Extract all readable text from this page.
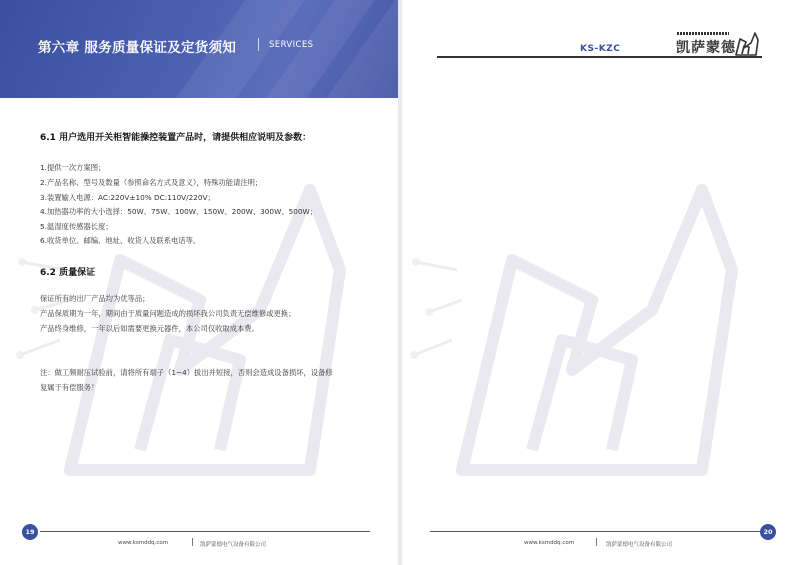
第六章 服务质量保证及定货须知	SERVICES
6.1 用户选用开关柜智能操控装置产品时，请提供相应说明及参数：
1.提供一次方案图；
2.产品名称、型号及数量（参照命名方式及意义），特殊功能请注明；
3.装置输入电源：AC:220V±10% DC:110V/220V；
4.加热器功率的大小选择：50W、75W、100W、150W、200W、300W、500W；
5.温湿度传感器长度；
6.收货单位、邮编、地址、收货人及联系电话等。
6.2 质量保证
保证所有的出厂产品均为优等品；
产品保质期为一年，期间由于质量问题造成的损坏我公司负责无偿维修或更换；
产品终身维修，一年以后如需要更换元器件，本公司仅收取成本费。
注：做工频耐压试验前，请将所有端子（1~4）拔出并短接，否则会造成设备损坏，设备修
复属于有偿服务！
19
www.ksmddq.com	凯萨蒙德电气设备有限公司
KS-KZC	凯萨蒙德
www.ksmddq.com	凯萨蒙德电气设备有限公司
20
